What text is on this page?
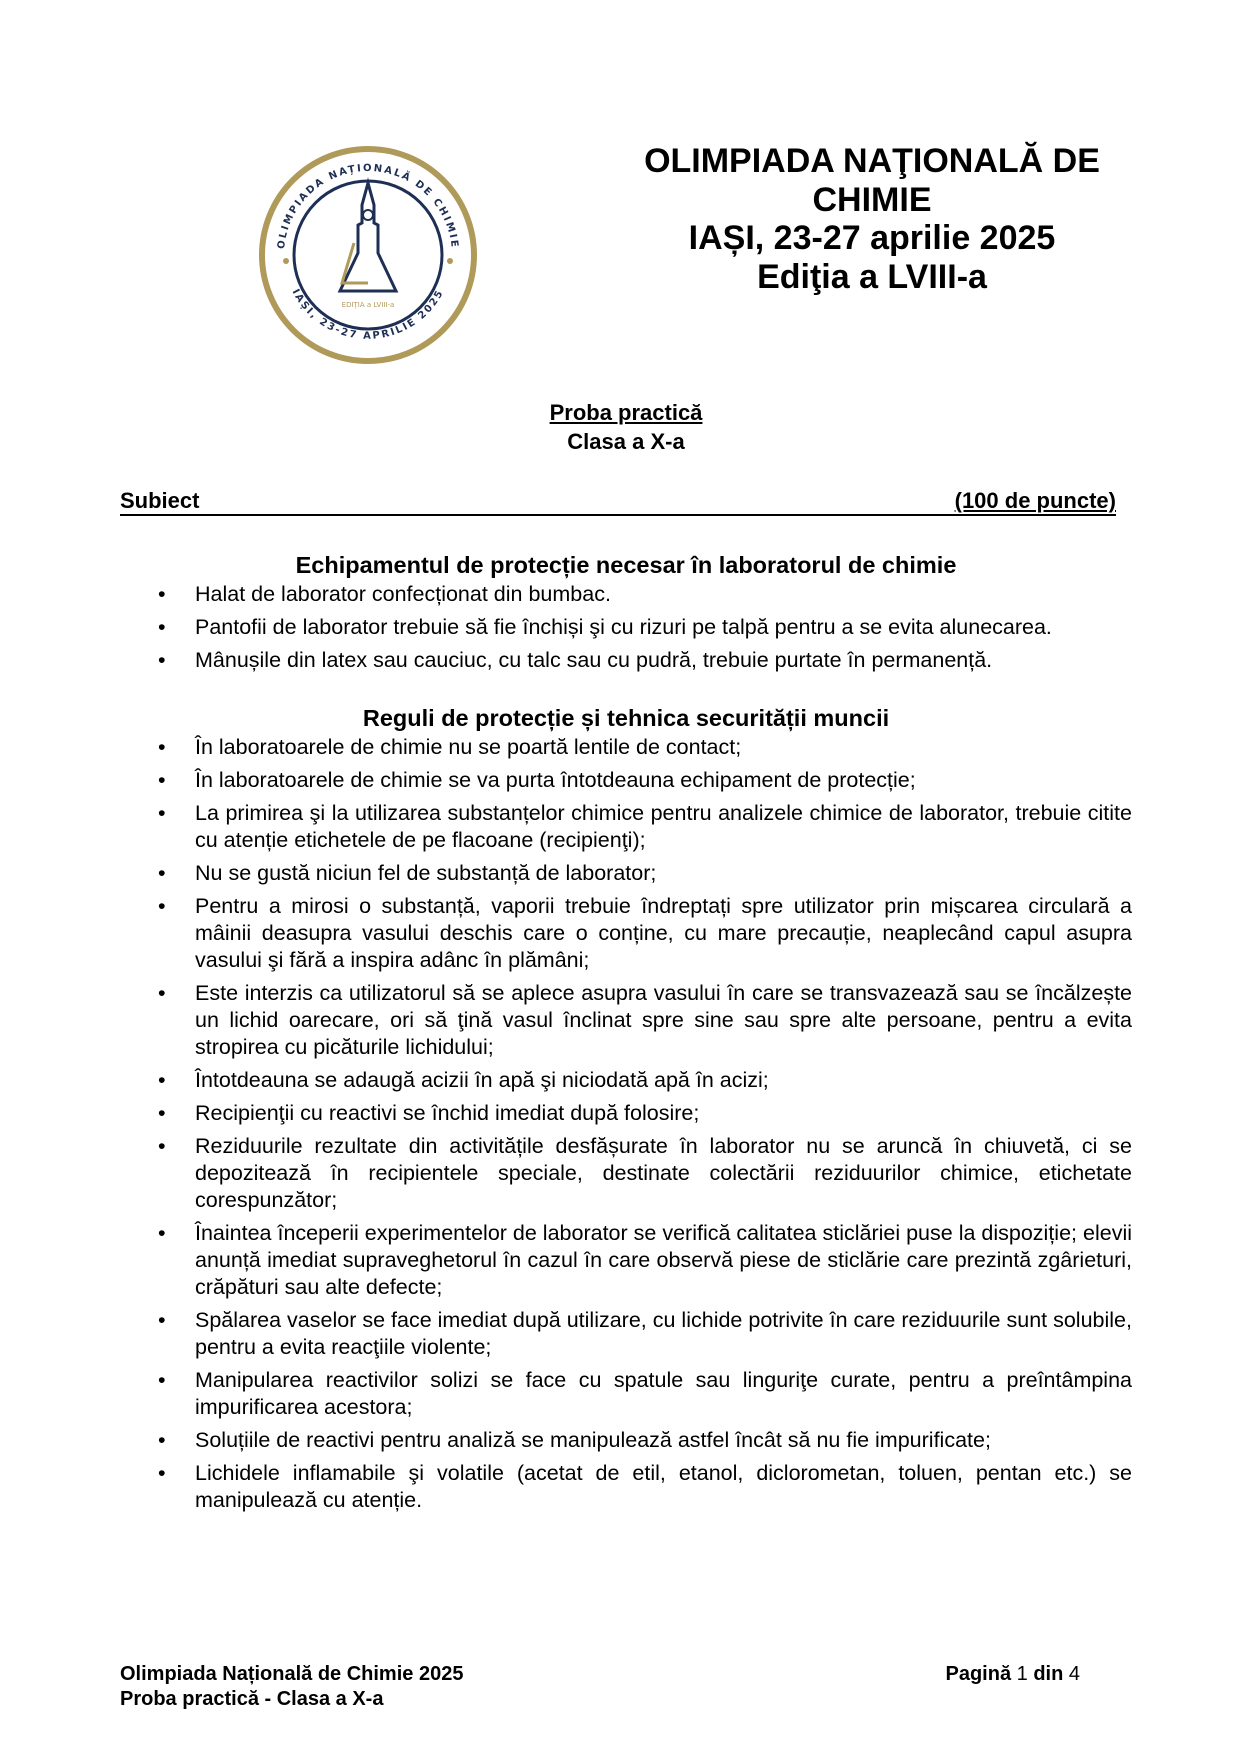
OLIMPIADA NAȚIONALĂ DE CHIMIE
IAȘI, 23-27 APRILIE 2025
EDIȚIA a LVIII-a
OLIMPIADA NAŢIONALĂ DE
CHIMIE
IAȘI, 23-27 aprilie 2025
Ediţia a LVIII-a
Proba practică
Clasa a X-a
Subiect	(100 de puncte)
Echipamentul de protecție necesar în laboratorul de chimie
• Halat de laborator confecționat din bumbac.
• Pantofii de laborator trebuie să fie închiși şi cu rizuri pe talpă pentru a se evita alunecarea.
• Mânușile din latex sau cauciuc, cu talc sau cu pudră, trebuie purtate în permanență.
Reguli de protecție și tehnica securității muncii
• În laboratoarele de chimie nu se poartă lentile de contact;
• În laboratoarele de chimie se va purta întotdeauna echipament de protecție;
• La primirea şi la utilizarea substanțelor chimice pentru analizele chimice de laborator, trebuie citite cu atenție etichetele de pe flacoane (recipienţi);
• Nu se gustă niciun fel de substanță de laborator;
• Pentru a mirosi o substanță, vaporii trebuie îndreptați spre utilizator prin mișcarea circulară a mâinii deasupra vasului deschis care o conține, cu mare precauție, neaplecând capul asupra vasului şi fără a inspira adânc în plămâni;
• Este interzis ca utilizatorul să se aplece asupra vasului în care se transvazează sau se încălzește un lichid oarecare, ori să ţină vasul înclinat spre sine sau spre alte persoane, pentru a evita stropirea cu picăturile lichidului;
• Întotdeauna se adaugă acizii în apă şi niciodată apă în acizi;
• Recipienţii cu reactivi se închid imediat după folosire;
• Reziduurile rezultate din activitățile desfășurate în laborator nu se aruncă în chiuvetă, ci se depozitează în recipientele speciale, destinate colectării reziduurilor chimice, etichetate corespunzător;
• Înaintea începerii experimentelor de laborator se verifică calitatea sticlăriei puse la dispoziție; elevii anunță imediat supraveghetorul în cazul în care observă piese de sticlărie care prezintă zgârieturi, crăpături sau alte defecte;
• Spălarea vaselor se face imediat după utilizare, cu lichide potrivite în care reziduurile sunt solubile, pentru a evita reacţiile violente;
• Manipularea reactivilor solizi se face cu spatule sau linguriţe curate, pentru a preîntâmpina impurificarea acestora;
• Soluțiile de reactivi pentru analiză se manipulează astfel încât să nu fie impurificate;
• Lichidele inflamabile şi volatile (acetat de etil, etanol, diclorometan, toluen, pentan etc.) se manipulează cu atenție.
Olimpiada Națională de Chimie 2025
Proba practică - Clasa a X-a
Pagină 1 din 4
